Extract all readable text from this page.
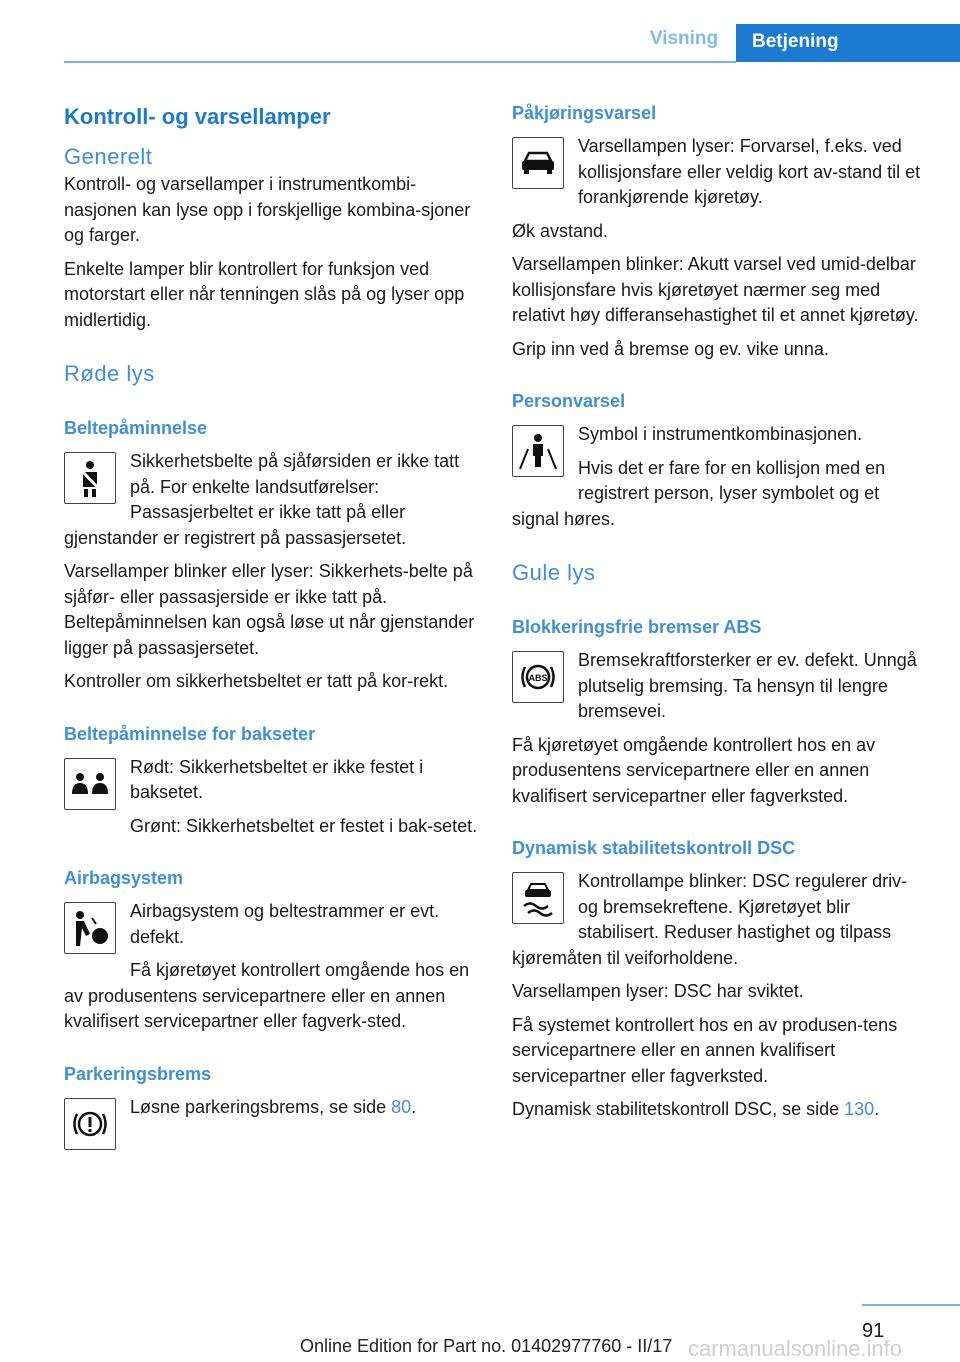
Visning	Betjening
Kontroll- og varsellamper
Generelt

Kontroll- og varsellamper i instrumentkombi-nasjonen kan lyse opp i forskjellige kombina-sjoner og farger.

Enkelte lamper blir kontrollert for funksjon ved motorstart eller når tenningen slås på og lyser opp midlertidig.

Røde lys
Beltepåminnelse

Sikkerhetsbelte på sjåførsiden er ikke tatt på. For enkelte landsutførelser: Passasjerbeltet er ikke tatt på eller gjenstander er registrert på passasjersetet.

Varsellamper blinker eller lyser: Sikkerhets-belte på sjåfør- eller passasjerside er ikke tatt på. Beltepåminnelsen kan også løse ut når gjenstander ligger på passasjersetet.

Kontroller om sikkerhetsbeltet er tatt på kor-rekt.

Beltepåminnelse for bakseter

Rødt: Sikkerhetsbeltet er ikke festet i baksetet.

Grønt: Sikkerhetsbeltet er festet i bak-setet.

Airbagsystem

Airbagsystem og beltestrammer er evt. defekt.

Få kjøretøyet kontrollert omgående hos en av produsentens servicepartnere eller en annen kvalifisert servicepartner eller fagverk-sted.

Parkeringsbrems

Løsne parkeringsbrems, se side 80.

Påkjøringsvarsel

Varsellampen lyser: Forvarsel, f.eks. ved kollisjonsfare eller veldig kort av-stand til et forankjørende kjøretøy.

Øk avstand.

Varsellampen blinker: Akutt varsel ved umid-delbar kollisjonsfare hvis kjøretøyet nærmer seg med relativt høy differansehastighet til et annet kjøretøy.

Grip inn ved å bremse og ev. vike unna.

Personvarsel

Symbol i instrumentkombinasjonen.

Hvis det er fare for en kollisjon med en registrert person, lyser symbolet og et signal høres.

Gule lys
Blokkeringsfrie bremser ABS
ABS

Bremsekraftforsterker er ev. defekt. Unngå plutselig bremsing. Ta hensyn til lengre bremsevei.

Få kjøretøyet omgående kontrollert hos en av produsentens servicepartnere eller en annen kvalifisert servicepartner eller fagverksted.

Dynamisk stabilitetskontroll DSC

Kontrollampe blinker: DSC regulerer driv- og bremsekreftene. Kjøretøyet blir stabilisert. Reduser hastighet og tilpass kjøremåten til veiforholdene.

Varsellampen lyser: DSC har sviktet.

Få systemet kontrollert hos en av produsen-tens servicepartnere eller en annen kvalifisert servicepartner eller fagverksted.

Dynamisk stabilitetskontroll DSC, se side 130.

91
Online Edition for Part no. 01402977760 - II/17 carmanualsonline.info
